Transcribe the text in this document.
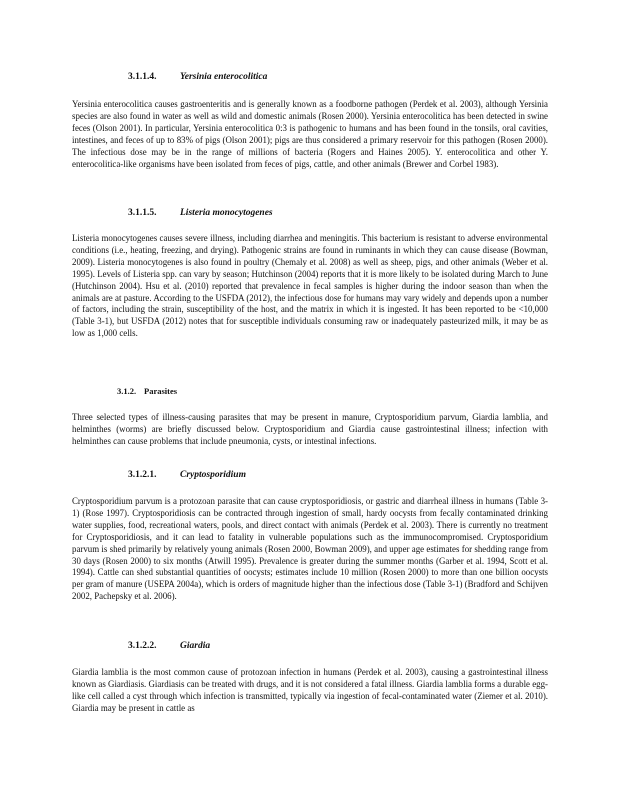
3.1.1.4. Yersinia enterocolitica

Yersinia enterocolitica causes gastroenteritis and is generally known as a foodborne pathogen (Perdek et al. 2003), although Yersinia species are also found in water as well as wild and domestic animals (Rosen 2000). Yersinia enterocolitica has been detected in swine feces (Olson 2001). In particular, Yersinia enterocolitica 0:3 is pathogenic to humans and has been found in the tonsils, oral cavities, intestines, and feces of up to 83% of pigs (Olson 2001); pigs are thus considered a primary reservoir for this pathogen (Rosen 2000). The infectious dose may be in the range of millions of bacteria (Rogers and Haines 2005). Y. enterocolitica and other Y. enterocolitica-like organisms have been isolated from feces of pigs, cattle, and other animals (Brewer and Corbel 1983).

3.1.1.5. Listeria monocytogenes

Listeria monocytogenes causes severe illness, including diarrhea and meningitis. This bacterium is resistant to adverse environmental conditions (i.e., heating, freezing, and drying). Pathogenic strains are found in ruminants in which they can cause disease (Bowman, 2009). Listeria monocytogenes is also found in poultry (Chemaly et al. 2008) as well as sheep, pigs, and other animals (Weber et al. 1995). Levels of Listeria spp. can vary by season; Hutchinson (2004) reports that it is more likely to be isolated during March to June (Hutchinson 2004). Hsu et al. (2010) reported that prevalence in fecal samples is higher during the indoor season than when the animals are at pasture. According to the USFDA (2012), the infectious dose for humans may vary widely and depends upon a number of factors, including the strain, susceptibility of the host, and the matrix in which it is ingested. It has been reported to be <10,000 (Table 3-1), but USFDA (2012) notes that for susceptible individuals consuming raw or inadequately pasteurized milk, it may be as low as 1,000 cells.

3.1.2. Parasites

Three selected types of illness-causing parasites that may be present in manure, Cryptosporidium parvum, Giardia lamblia, and helminthes (worms) are briefly discussed below. Cryptosporidium and Giardia cause gastrointestinal illness; infection with helminthes can cause problems that include pneumonia, cysts, or intestinal infections.

3.1.2.1. Cryptosporidium

Cryptosporidium parvum is a protozoan parasite that can cause cryptosporidiosis, or gastric and diarrheal illness in humans (Table 3-1) (Rose 1997). Cryptosporidiosis can be contracted through ingestion of small, hardy oocysts from fecally contaminated drinking water supplies, food, recreational waters, pools, and direct contact with animals (Perdek et al. 2003). There is currently no treatment for Cryptosporidiosis, and it can lead to fatality in vulnerable populations such as the immunocompromised. Cryptosporidium parvum is shed primarily by relatively young animals (Rosen 2000, Bowman 2009), and upper age estimates for shedding range from 30 days (Rosen 2000) to six months (Atwill 1995). Prevalence is greater during the summer months (Garber et al. 1994, Scott et al. 1994). Cattle can shed substantial quantities of oocysts; estimates include 10 million (Rosen 2000) to more than one billion oocysts per gram of manure (USEPA 2004a), which is orders of magnitude higher than the infectious dose (Table 3-1) (Bradford and Schijven 2002, Pachepsky et al. 2006).

3.1.2.2. Giardia

Giardia lamblia is the most common cause of protozoan infection in humans (Perdek et al. 2003), causing a gastrointestinal illness known as Giardiasis. Giardiasis can be treated with drugs, and it is not considered a fatal illness. Giardia lamblia forms a durable egg-like cell called a cyst through which infection is transmitted, typically via ingestion of fecal-contaminated water (Ziemer et al. 2010). Giardia may be present in cattle as
